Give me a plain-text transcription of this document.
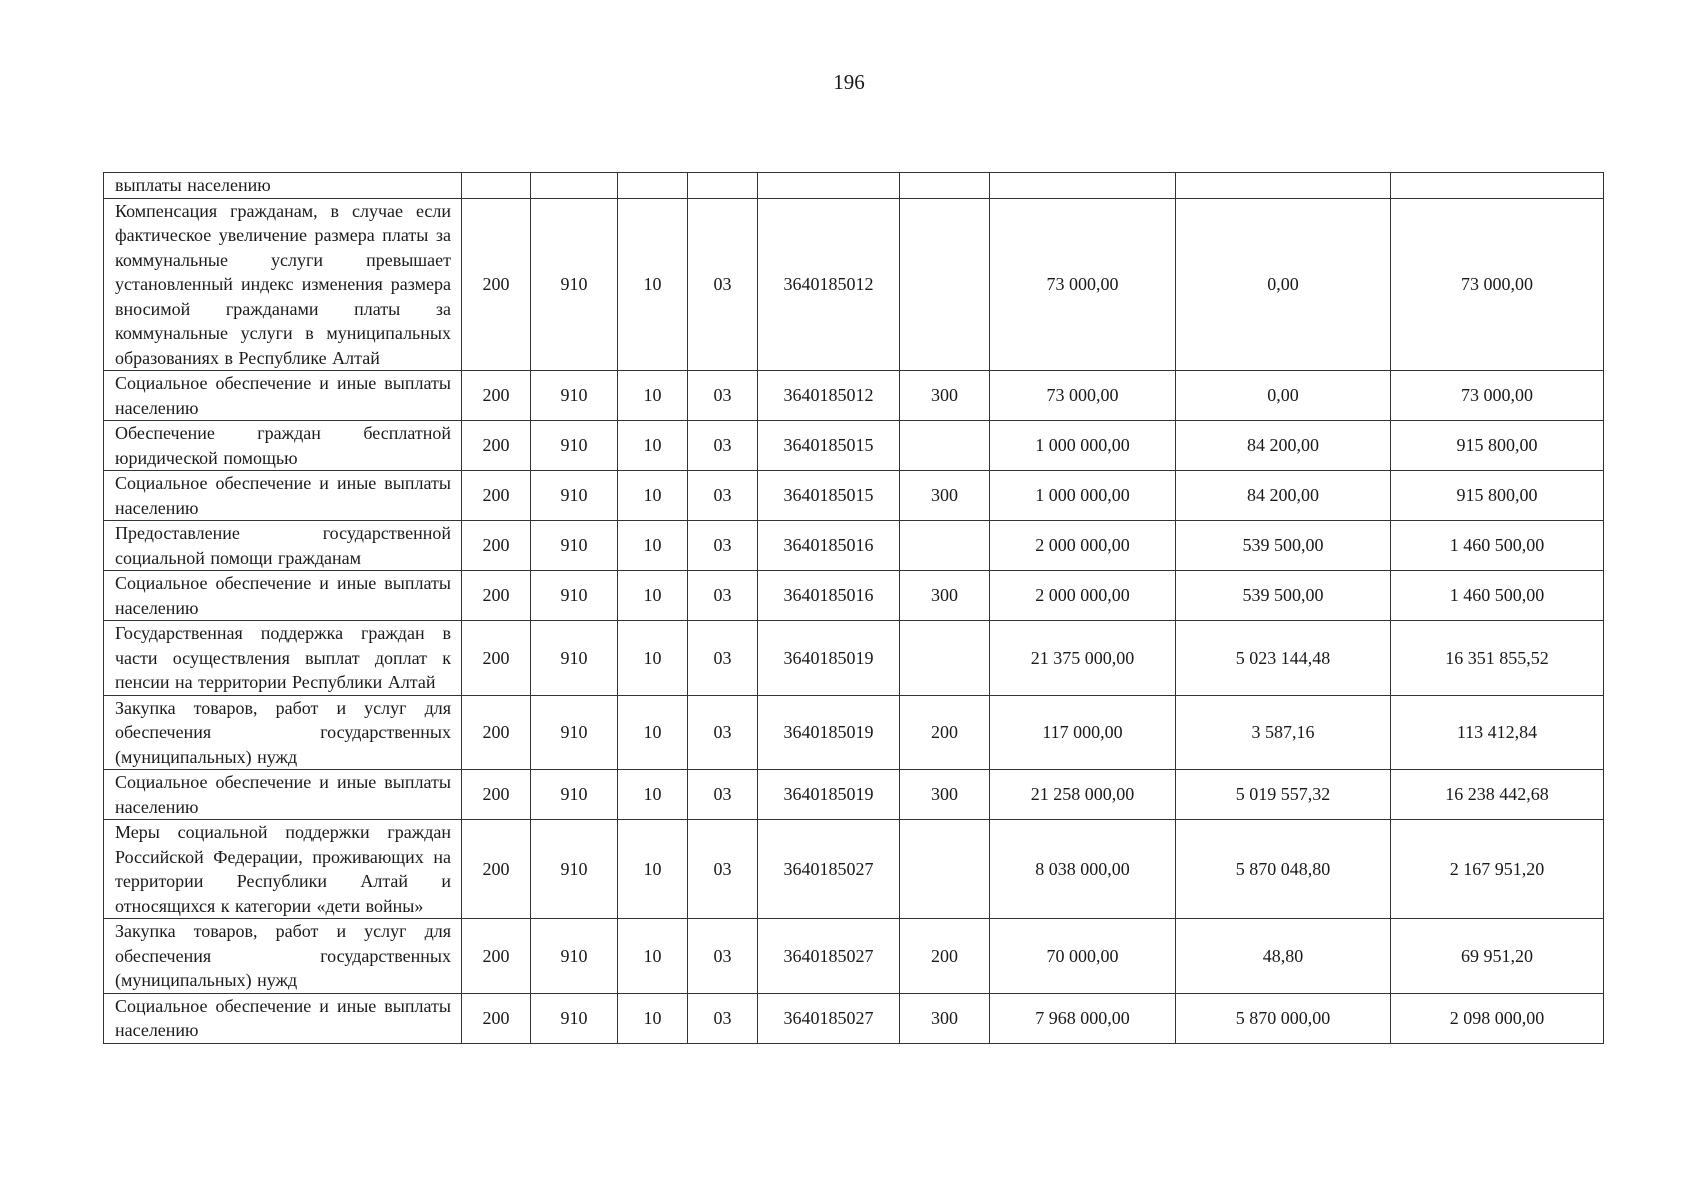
196
выплаты населению									
Компенсация гражданам, в случае если фактическое увеличение размера платы за коммунальные услуги превышает установленный индекс изменения размера вносимой гражданами платы за коммунальные услуги в муниципальных образованиях в Республике Алтай	200	910	10	03	3640185012		73 000,00	0,00	73 000,00
Социальное обеспечение и иные выплаты населению	200	910	10	03	3640185012	300	73 000,00	0,00	73 000,00
Обеспечение граждан бесплатной юридической помощью	200	910	10	03	3640185015		1 000 000,00	84 200,00	915 800,00
Социальное обеспечение и иные выплаты населению	200	910	10	03	3640185015	300	1 000 000,00	84 200,00	915 800,00
Предоставление государственной социальной помощи гражданам	200	910	10	03	3640185016		2 000 000,00	539 500,00	1 460 500,00
Социальное обеспечение и иные выплаты населению	200	910	10	03	3640185016	300	2 000 000,00	539 500,00	1 460 500,00
Государственная поддержка граждан в части осуществления выплат доплат к пенсии на территории Республики Алтай	200	910	10	03	3640185019		21 375 000,00	5 023 144,48	16 351 855,52
Закупка товаров, работ и услуг для обеспечения государственных (муниципальных) нужд	200	910	10	03	3640185019	200	117 000,00	3 587,16	113 412,84
Социальное обеспечение и иные выплаты населению	200	910	10	03	3640185019	300	21 258 000,00	5 019 557,32	16 238 442,68
Меры социальной поддержки граждан Российской Федерации, проживающих на территории Республики Алтай и относящихся к категории «дети войны»	200	910	10	03	3640185027		8 038 000,00	5 870 048,80	2 167 951,20
Закупка товаров, работ и услуг для обеспечения государственных (муниципальных) нужд	200	910	10	03	3640185027	200	70 000,00	48,80	69 951,20
Социальное обеспечение и иные выплаты населению	200	910	10	03	3640185027	300	7 968 000,00	5 870 000,00	2 098 000,00
